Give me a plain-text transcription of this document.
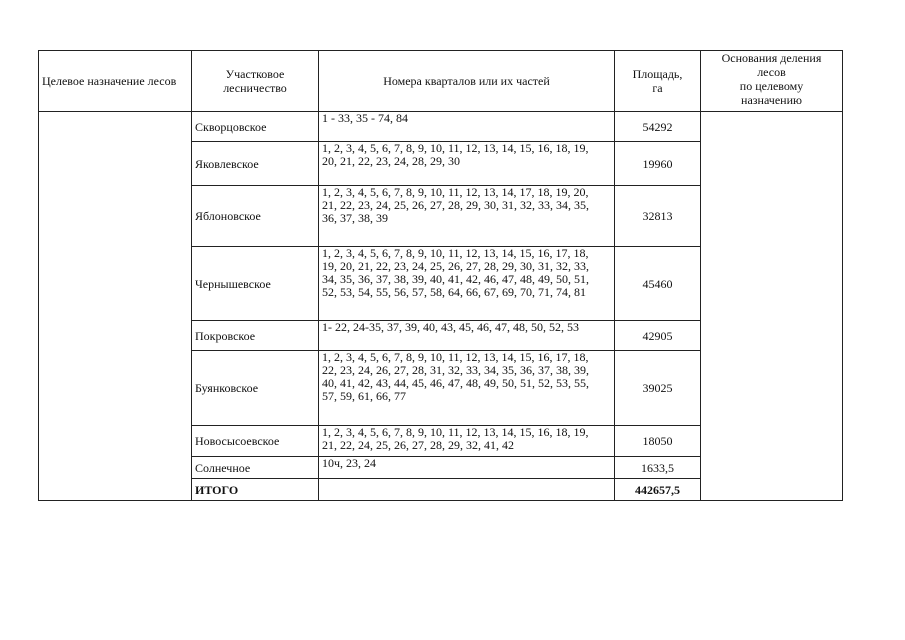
Целевое назначение лесов	Участковое
лесничество	Номера кварталов или их частей	Площадь,
га	Основания деления
лесов
по целевому
назначению
	Скворцовское	1 - 33, 35 - 74, 84	54292	
	Яковлевское	1, 2, 3, 4, 5, 6, 7, 8, 9, 10, 11, 12, 13, 14, 15, 16, 18, 19,
20, 21, 22, 23, 24, 28, 29, 30	19960	
	Яблоновское	1, 2, 3, 4, 5, 6, 7, 8, 9, 10, 11, 12, 13, 14, 17, 18, 19, 20,
21, 22, 23, 24, 25, 26, 27, 28, 29, 30, 31, 32, 33, 34, 35,
36, 37, 38, 39	32813	
	Чернышевское	1, 2, 3, 4, 5, 6, 7, 8, 9, 10, 11, 12, 13, 14, 15, 16, 17, 18,
19, 20, 21, 22, 23, 24, 25, 26, 27, 28, 29, 30, 31, 32, 33,
34, 35, 36, 37, 38, 39, 40, 41, 42, 46, 47, 48, 49, 50, 51,
52, 53, 54, 55, 56, 57, 58, 64, 66, 67, 69, 70, 71, 74, 81	45460	
	Покровское	1- 22, 24-35, 37, 39, 40, 43, 45, 46, 47, 48, 50, 52, 53	42905	
	Буянковское	1, 2, 3, 4, 5, 6, 7, 8, 9, 10, 11, 12, 13, 14, 15, 16, 17, 18,
22, 23, 24, 26, 27, 28, 31, 32, 33, 34, 35, 36, 37, 38, 39,
40, 41, 42, 43, 44, 45, 46, 47, 48, 49, 50, 51, 52, 53, 55,
57, 59, 61, 66, 77	39025	
	Новосысоевское	1, 2, 3, 4, 5, 6, 7, 8, 9, 10, 11, 12, 13, 14, 15, 16, 18, 19,
21, 22, 24, 25, 26, 27, 28, 29, 32, 41, 42	18050	
	Солнечное	10ч, 23, 24	1633,5	
	ИТОГО		442657,5	
